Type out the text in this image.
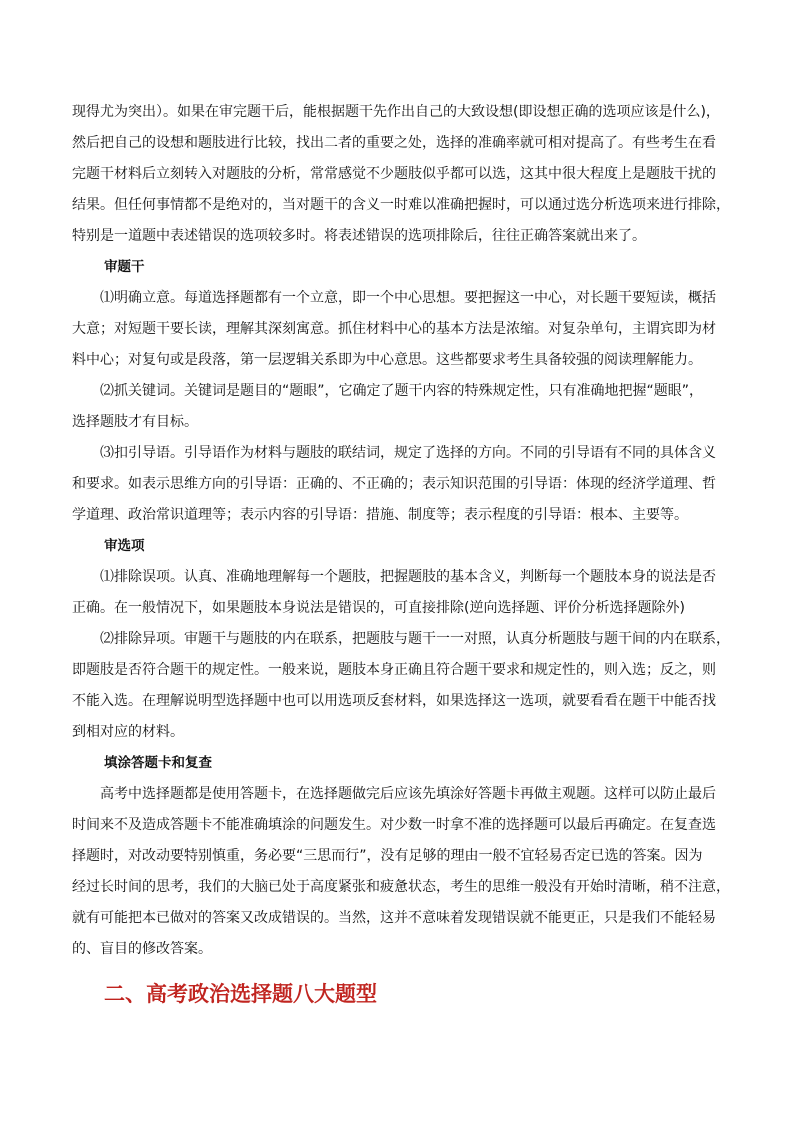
现得尤为突出）。如果在审完题干后，能根据题干先作出自己的大致设想(即设想正确的选项应该是什么)，
然后把自己的设想和题肢进行比较，找出二者的重要之处，选择的准确率就可相对提高了。有些考生在看
完题干材料后立刻转入对题肢的分析，常常感觉不少题肢似乎都可以选，这其中很大程度上是题肢干扰的
结果。但任何事情都不是绝对的，当对题干的含义一时难以准确把握时，可以通过选分析选项来进行排除，
特别是一道题中表述错误的选项较多时。将表述错误的选项排除后，往往正确答案就出来了。
审题干
⑴明确立意。每道选择题都有一个立意，即一个中心思想。要把握这一中心，对长题干要短读，概括
大意；对短题干要长读，理解其深刻寓意。抓住材料中心的基本方法是浓缩。对复杂单句，主谓宾即为材
料中心；对复句或是段落，第一层逻辑关系即为中心意思。这些都要求考生具备较强的阅读理解能力。
⑵抓关键词。关键词是题目的“题眼”，它确定了题干内容的特殊规定性，只有准确地把握“题眼”，
选择题肢才有目标。
⑶扣引导语。引导语作为材料与题肢的联结词，规定了选择的方向。不同的引导语有不同的具体含义
和要求。如表示思维方向的引导语：正确的、不正确的；表示知识范围的引导语：体现的经济学道理、哲
学道理、政治常识道理等；表示内容的引导语：措施、制度等；表示程度的引导语：根本、主要等。
审选项
⑴排除误项。认真、准确地理解每一个题肢，把握题肢的基本含义，判断每一个题肢本身的说法是否
正确。在一般情况下，如果题肢本身说法是错误的，可直接排除(逆向选择题、评价分析选择题除外)
⑵排除异项。审题干与题肢的内在联系，把题肢与题干一一对照，认真分析题肢与题干间的内在联系，
即题肢是否符合题干的规定性。一般来说，题肢本身正确且符合题干要求和规定性的，则入选；反之，则
不能入选。在理解说明型选择题中也可以用选项反套材料，如果选择这一选项，就要看看在题干中能否找
到相对应的材料。
填涂答题卡和复查
高考中选择题都是使用答题卡，在选择题做完后应该先填涂好答题卡再做主观题。这样可以防止最后
时间来不及造成答题卡不能准确填涂的问题发生。对少数一时拿不准的选择题可以最后再确定。在复查选
择题时，对改动要特别慎重，务必要“三思而行”，没有足够的理由一般不宜轻易否定已选的答案。因为
经过长时间的思考，我们的大脑已处于高度紧张和疲惫状态，考生的思维一般没有开始时清晰，稍不注意，
就有可能把本已做对的答案又改成错误的。当然，这并不意味着发现错误就不能更正，只是我们不能轻易
的、盲目的修改答案。
二、高考政治选择题八大题型
